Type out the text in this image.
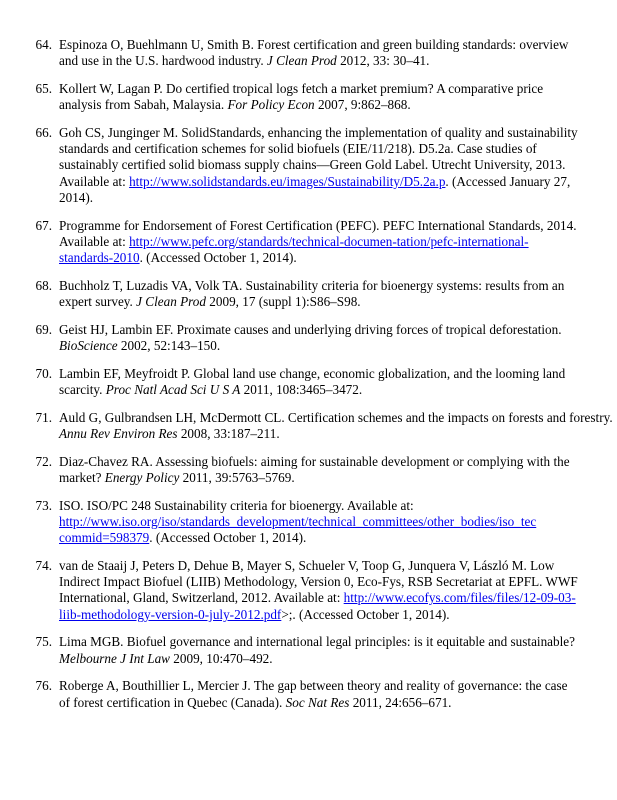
64. Espinoza O, Buehlmann U, Smith B. Forest certification and green building standards: overview and use in the U.S. hardwood industry. J Clean Prod 2012, 33: 30–41.
65. Kollert W, Lagan P. Do certified tropical logs fetch a market premium? A comparative price analysis from Sabah, Malaysia. For Policy Econ 2007, 9:862–868.
66. Goh CS, Junginger M. SolidStandards, enhancing the implementation of quality and sustainability standards and certification schemes for solid biofuels (EIE/11/218). D5.2a. Case studies of sustainably certified solid biomass supply chains—Green Gold Label. Utrecht University, 2013. Available at: http://www.solidstandards.eu/images/Sustainability/D5.2a.p. (Accessed January 27, 2014).
67. Programme for Endorsement of Forest Certification (PEFC). PEFC International Standards, 2014. Available at: http://www.pefc.org/standards/technical-documen-tation/pefc-international-standards-2010. (Accessed October 1, 2014).
68. Buchholz T, Luzadis VA, Volk TA. Sustainability criteria for bioenergy systems: results from an expert survey. J Clean Prod 2009, 17 (suppl 1):S86–S98.
69. Geist HJ, Lambin EF. Proximate causes and underlying driving forces of tropical deforestation. BioScience 2002, 52:143–150.
70. Lambin EF, Meyfroidt P. Global land use change, economic globalization, and the looming land scarcity. Proc Natl Acad Sci U S A 2011, 108:3465–3472.
71. Auld G, Gulbrandsen LH, McDermott CL. Certification schemes and the impacts on forests and forestry. Annu Rev Environ Res 2008, 33:187–211.
72. Diaz-Chavez RA. Assessing biofuels: aiming for sustainable development or complying with the market? Energy Policy 2011, 39:5763–5769.
73. ISO. ISO/PC 248 Sustainability criteria for bioenergy. Available at: http://www.iso.org/iso/standards_development/technical_committees/other_bodies/iso_tec commid=598379. (Accessed October 1, 2014).
74. van de Staaij J, Peters D, Dehue B, Mayer S, Schueler V, Toop G, Junquera V, László M. Low Indirect Impact Biofuel (LIIB) Methodology, Version 0, Eco-Fys, RSB Secretariat at EPFL. WWF International, Gland, Switzerland, 2012. Available at: http://www.ecofys.com/files/files/12-09-03-liib-methodology-version-0-july-2012.pdf>;. (Accessed October 1, 2014).
75. Lima MGB. Biofuel governance and international legal principles: is it equitable and sustainable? Melbourne J Int Law 2009, 10:470–492.
76. Roberge A, Bouthillier L, Mercier J. The gap between theory and reality of governance: the case of forest certification in Quebec (Canada). Soc Nat Res 2011, 24:656–671.
